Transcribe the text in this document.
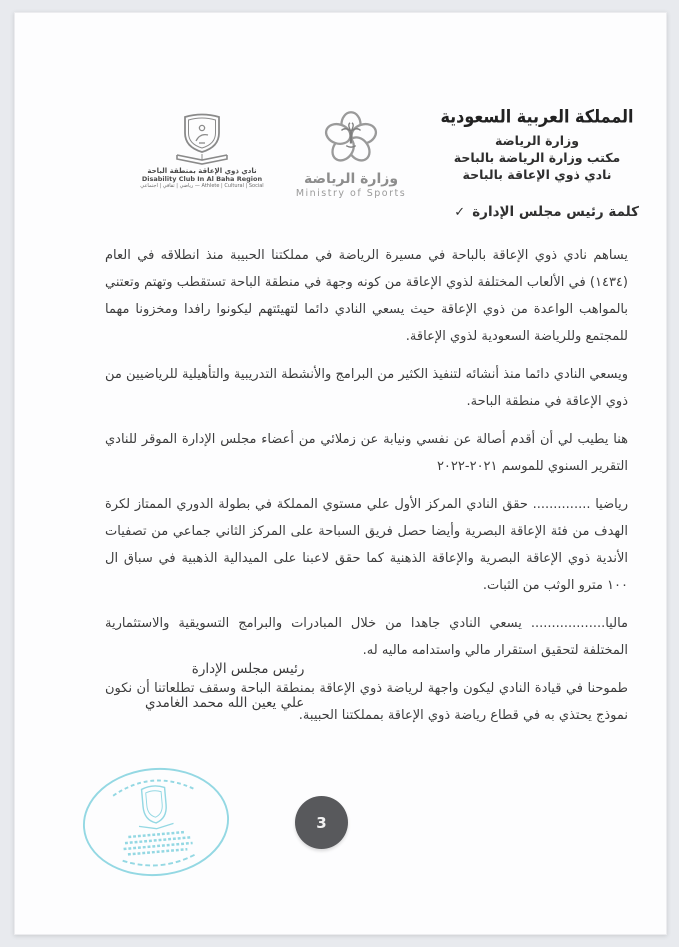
المملكة العربية السعودية
وزارة الرياضة
مكتب وزارة الرياضة بالباحة
نادي ذوي الإعاقة بالباحة
وزارة الرياضة
Ministry of Sports
نادي ذوي الإعاقة بمنطقة الباحة
Disability Club In Al Baha Region
رياضي | ثقافي | اجتماعي — Athlete | Cultural | Social
✓ كلمة رئيس مجلس الإدارة

يساهم نادي ذوي الإعاقة بالباحة في مسيرة الرياضة في مملكتنا الحبيبة منذ انطلاقه في العام (١٤٣٤) في الألعاب المختلفة لذوي الإعاقة من كونه وجهة في منطقة الباحة تستقطب وتهتم وتعتني بالمواهب الواعدة من ذوي الإعاقة حيث يسعي النادي دائما لتهيئتهم ليكونوا رافدا ومخزونا مهما للمجتمع وللرياضة السعودية لذوي الإعاقة.

ويسعي النادي دائما منذ أنشائه لتنفيذ الكثير من البرامج والأنشطة التدريبية والتأهيلية للرياضيين من ذوي الإعاقة في منطقة الباحة.

هنا يطيب لي أن أقدم أصالة عن نفسي ونيابة عن زملائي من أعضاء مجلس الإدارة الموقر للنادي التقرير السنوي للموسم ٢٠٢١-٢٠٢٢

رياضيا .............. حقق النادي المركز الأول علي مستوي المملكة في بطولة الدوري الممتاز لكرة الهدف من فئة الإعاقة البصرية وأيضا حصل فريق السباحة على المركز الثاني جماعي من تصفيات الأندية ذوي الإعاقة البصرية والإعاقة الذهنية كما حقق لاعبنا على الميدالية الذهبية في سباق ال ١٠٠ مترو الوثب من الثبات.

ماليا.................. يسعي النادي جاهدا من خلال المبادرات والبرامج التسويقية والاستثمارية المختلفة لتحقيق استقرار مالي واستدامه ماليه له.

طموحنا في قيادة النادي ليكون واجهة لرياضة ذوي الإعاقة بمنطقة الباحة وسقف تطلعاتنا أن نكون نموذج يحتذي به في قطاع رياضة ذوي الإعاقة بمملكتنا الحبيبة.

رئيس مجلس الإدارة
علي يعين الله محمد الغامدي
3
